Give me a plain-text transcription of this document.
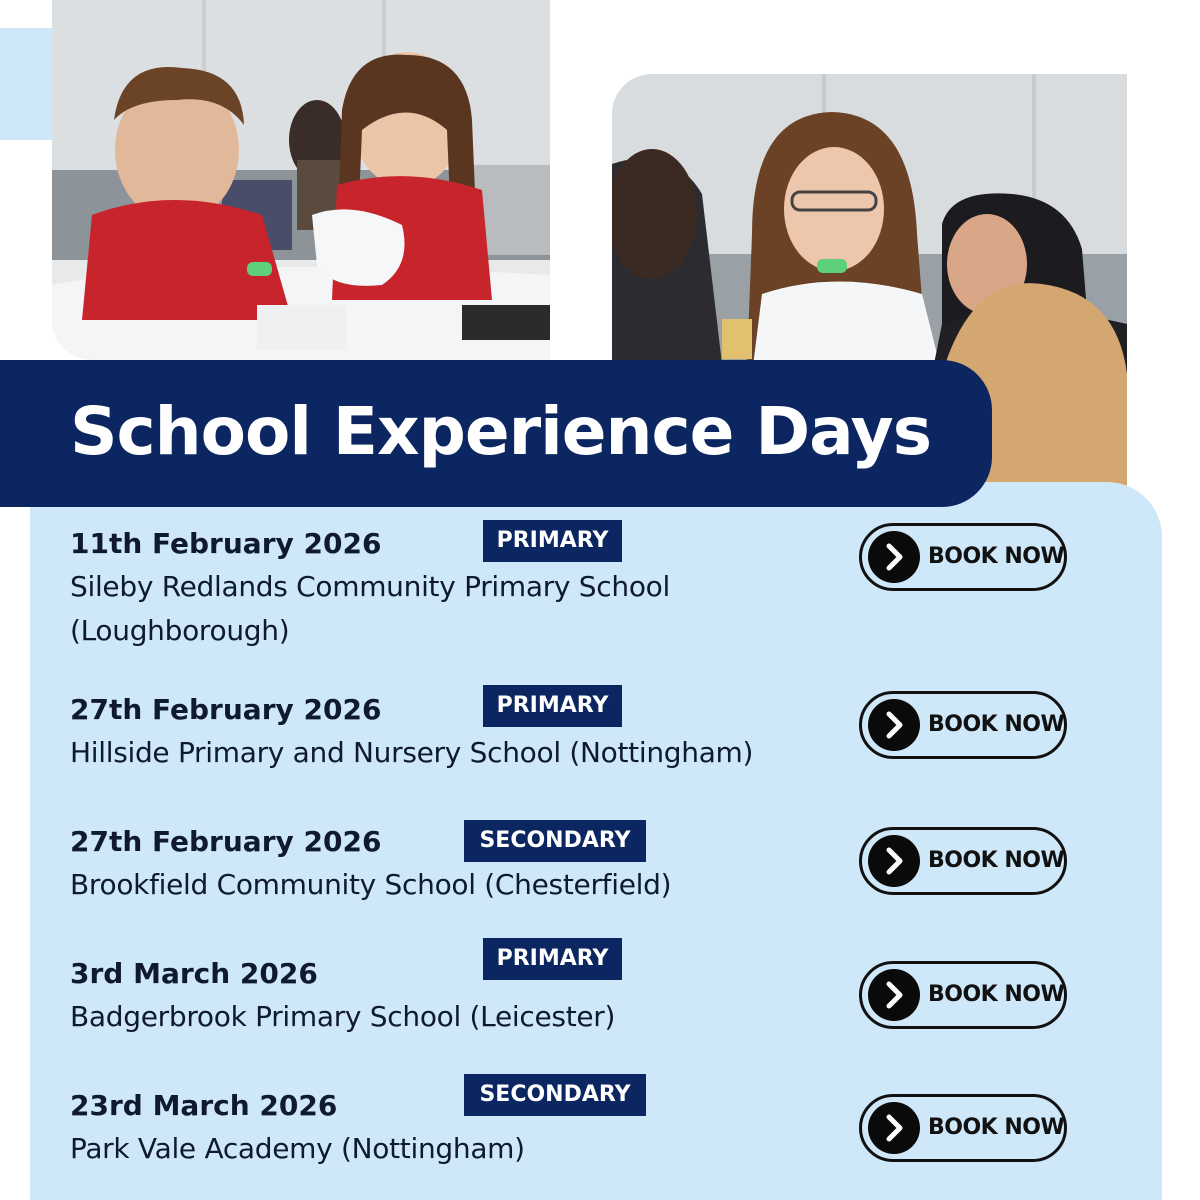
School Experience Days
11th February 2026	PRIMARY
Sileby Redlands Community Primary School (Loughborough)
BOOK NOW
27th February 2026	PRIMARY
Hillside Primary and Nursery School (Nottingham)
BOOK NOW
27th February 2026	SECONDARY
Brookfield Community School (Chesterfield)
BOOK NOW
3rd March 2026	PRIMARY
Badgerbrook Primary School (Leicester)
BOOK NOW
23rd March 2026	SECONDARY
Park Vale Academy (Nottingham)
BOOK NOW
